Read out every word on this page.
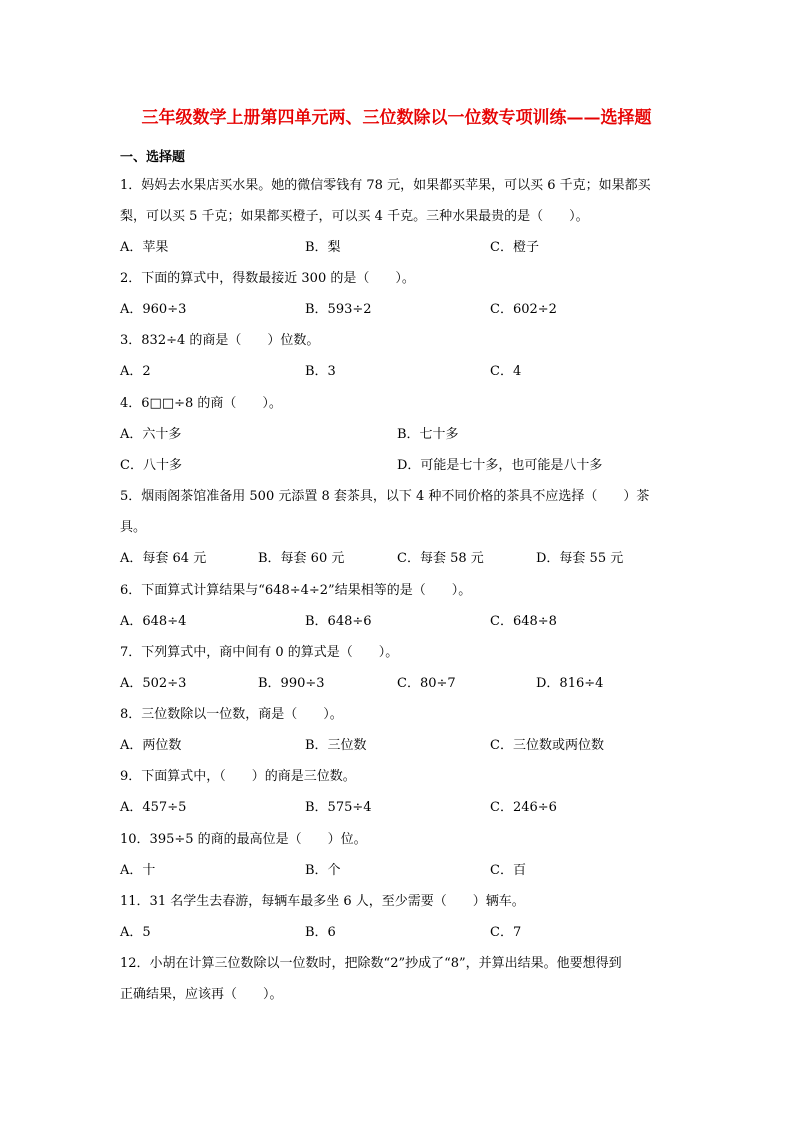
三年级数学上册第四单元两、三位数除以一位数专项训练——选择题
一、选择题
1．妈妈去水果店买水果。她的微信零钱有 78 元，如果都买苹果，可以买 6 千克；如果都买
梨，可以买 5 千克；如果都买橙子，可以买 4 千克。三种水果最贵的是（　　）。
A．苹果	B．梨	C．橙子
2．下面的算式中，得数最接近 300 的是（　　）。
A．960÷3	B．593÷2	C．602÷2
3．832÷4 的商是（　　）位数。
A．2	B．3	C．4
4．6□□÷8 的商（　　）。
A．六十多	B．七十多
C．八十多	D．可能是七十多，也可能是八十多
5．烟雨阁茶馆准备用 500 元添置 8 套茶具，以下 4 种不同价格的茶具不应选择（　　）茶
具。
A．每套 64 元	B．每套 60 元	C．每套 58 元	D．每套 55 元
6．下面算式计算结果与“648÷4÷2”结果相等的是（　　）。
A．648÷4	B．648÷6	C．648÷8
7．下列算式中，商中间有 0 的算式是（　　）。
A．502÷3	B．990÷3	C．80÷7	D．816÷4
8．三位数除以一位数，商是（　　）。
A．两位数	B．三位数	C．三位数或两位数
9．下面算式中，（　　）的商是三位数。
A．457÷5	B．575÷4	C．246÷6
10．395÷5 的商的最高位是（　　）位。
A．十	B．个	C．百
11．31 名学生去春游，每辆车最多坐 6 人，至少需要（　　）辆车。
A．5	B．6	C．7
12．小胡在计算三位数除以一位数时，把除数“2”抄成了“8”，并算出结果。他要想得到
正确结果，应该再（　　）。
